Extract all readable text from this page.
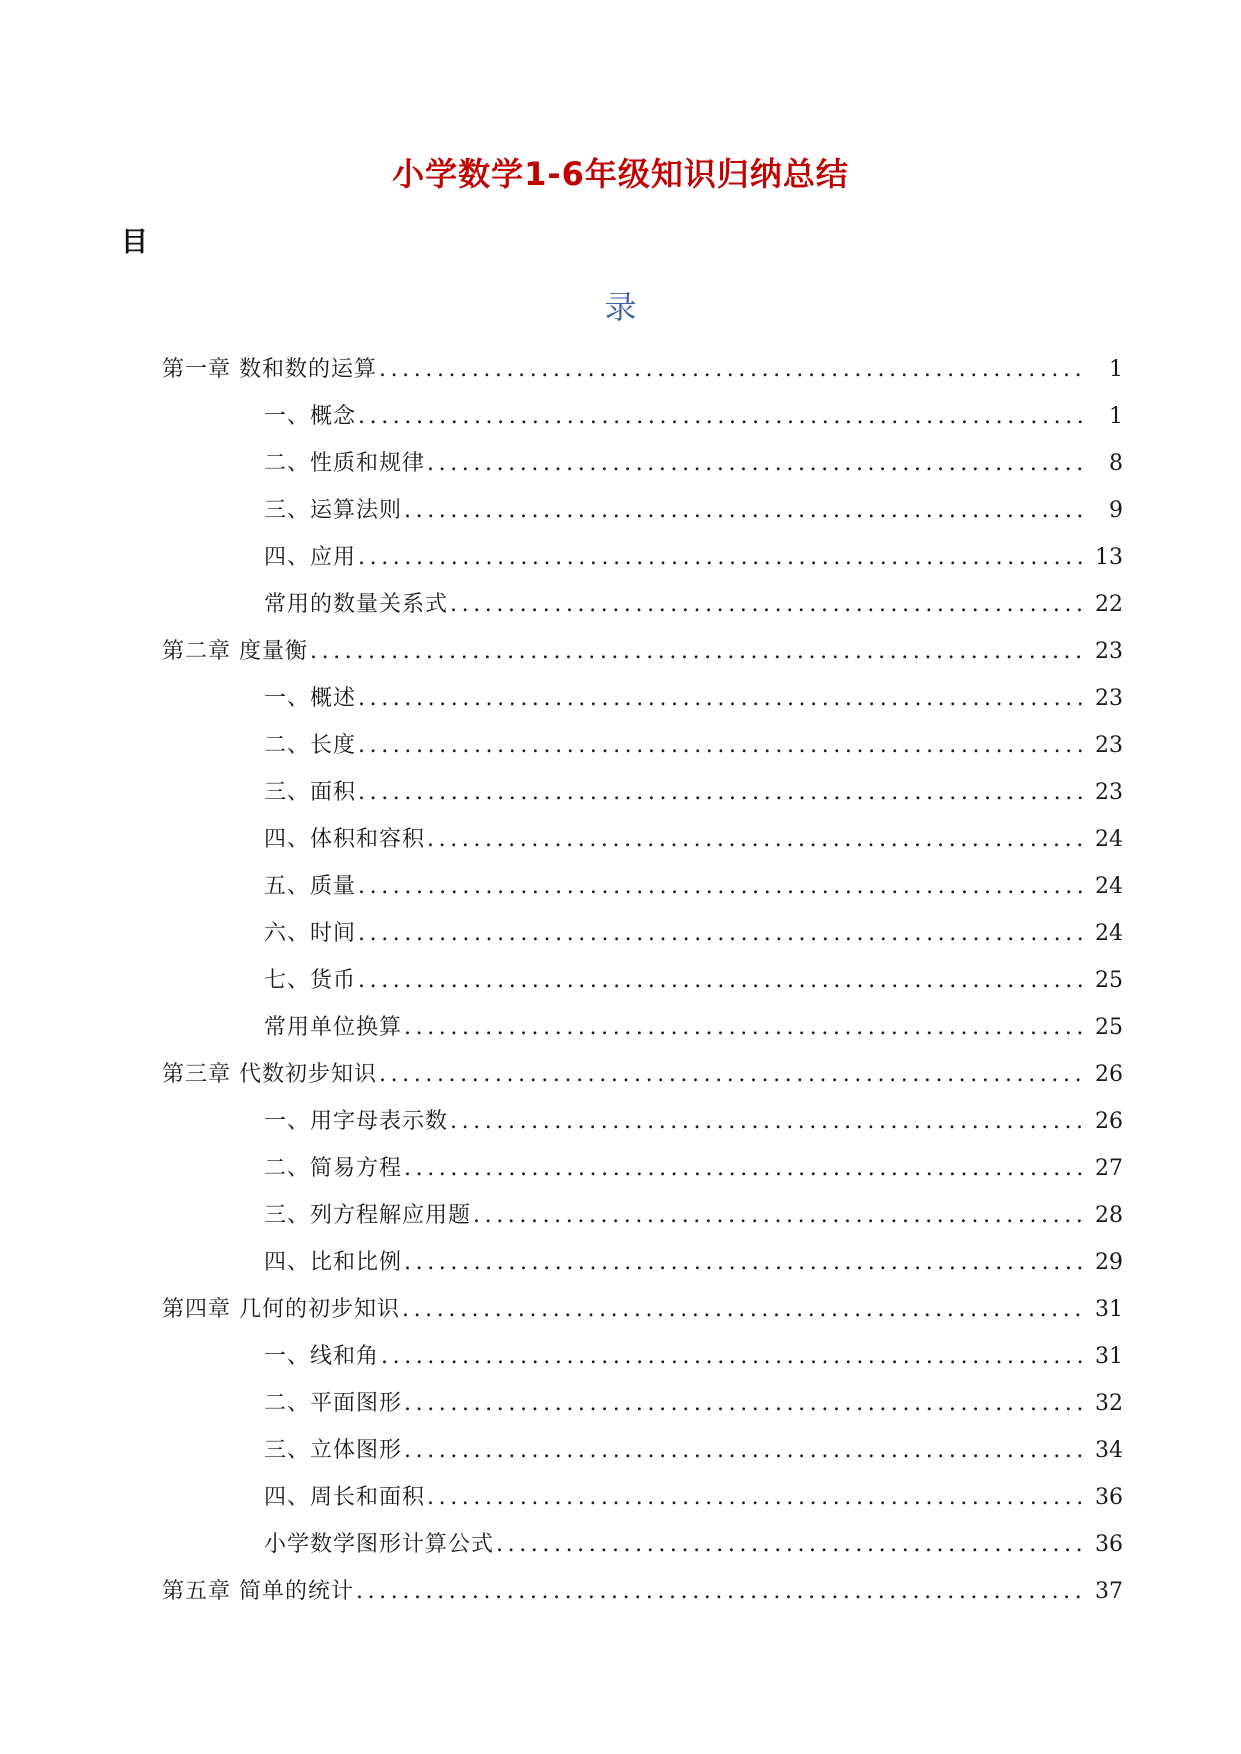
小学数学1-6年级知识归纳总结
目
录
第一章 数和数的运算 .....	1
一、概念 .....	1
二、性质和规律 .....	8
三、运算法则 .....	9
四、应用 .....	13
常用的数量关系式 .....	22
第二章 度量衡 .....	23
一、概述 .....	23
二、长度 .....	23
三、面积 .....	23
四、体积和容积 .....	24
五、质量 .....	24
六、时间 .....	24
七、货币 .....	25
常用单位换算 .....	25
第三章 代数初步知识 .....	26
一、用字母表示数 .....	26
二、简易方程 .....	27
三、列方程解应用题 .....	28
四、比和比例 .....	29
第四章 几何的初步知识 .....	31
一、线和角 .....	31
二、平面图形 .....	32
三、立体图形 .....	34
四、周长和面积 .....	36
小学数学图形计算公式 .....	36
第五章 简单的统计 .....	37
